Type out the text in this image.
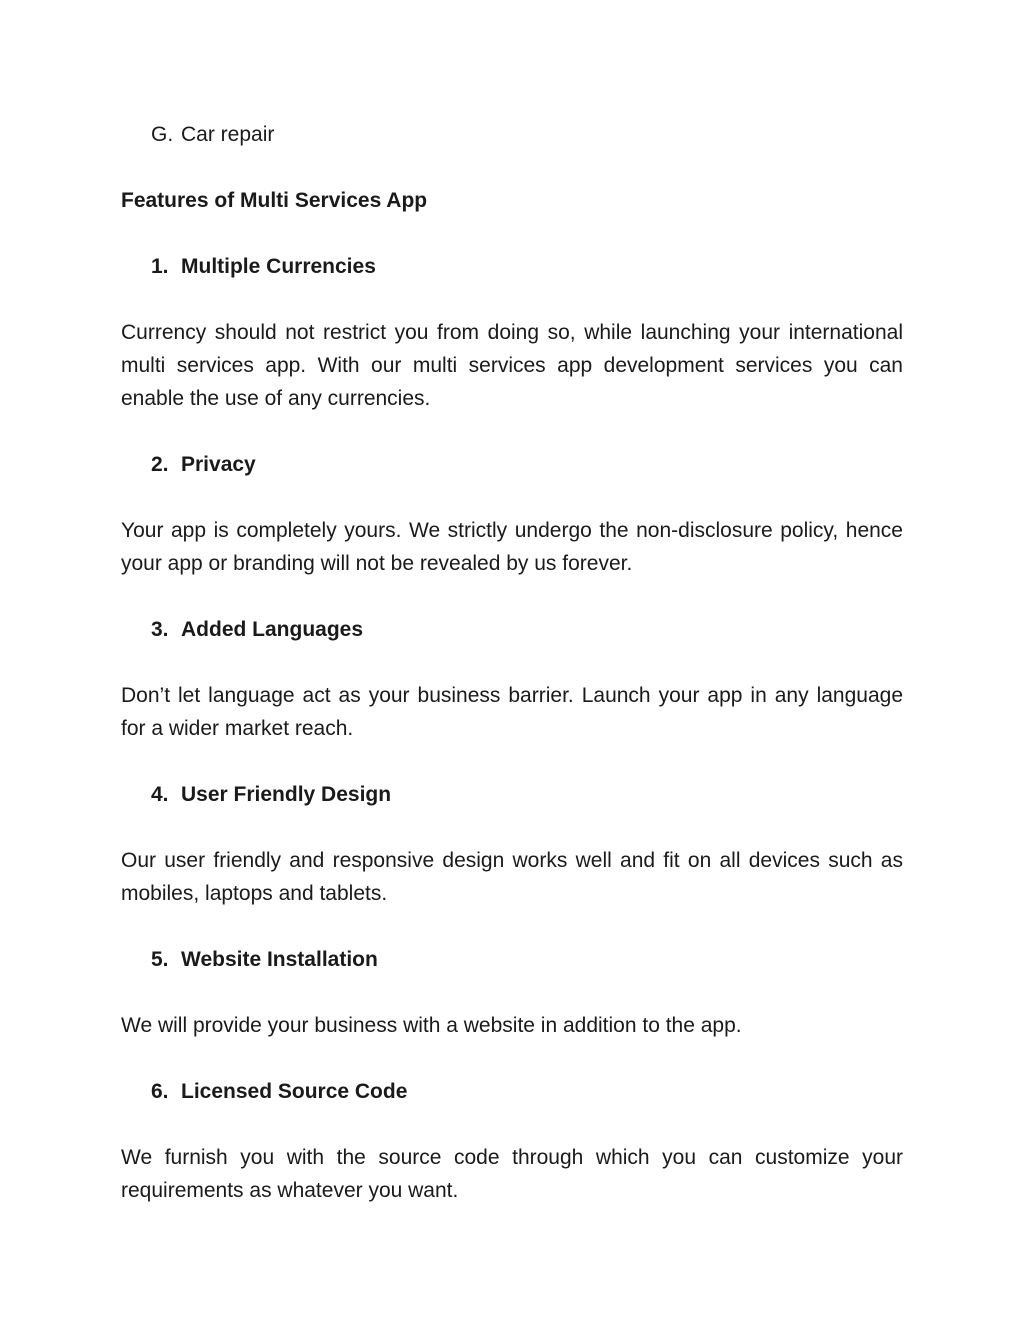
G. Car repair
Features of Multi Services App
1. Multiple Currencies

Currency should not restrict you from doing so, while launching your international multi services app. With our multi services app development services you can enable the use of any currencies.

2. Privacy

Your app is completely yours. We strictly undergo the non-disclosure policy, hence your app or branding will not be revealed by us forever.

3. Added Languages

Don’t let language act as your business barrier. Launch your app in any language for a wider market reach.

4. User Friendly Design

Our user friendly and responsive design works well and fit on all devices such as mobiles, laptops and tablets.

5. Website Installation

We will provide your business with a website in addition to the app.

6. Licensed Source Code

We furnish you with the source code through which you can customize your requirements as whatever you want.
